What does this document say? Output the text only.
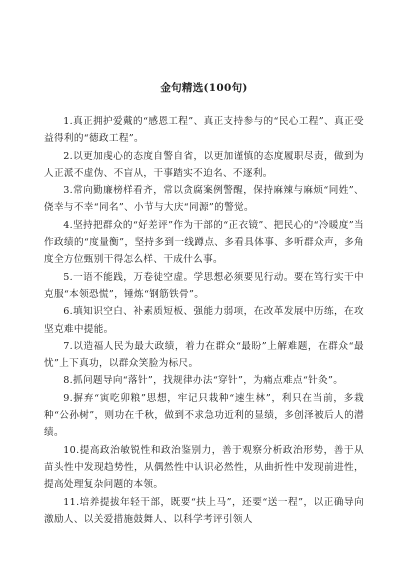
金句精选(100句)

1.真正拥护爱戴的“感恩工程”、真正支持参与的“民心工程”、真正受益得利的“德政工程”。

2.以更加虔心的态度自警自省，以更加谨慎的态度履职尽责，做到为人正派不虚伪、不盲从，干事踏实不迫名、不逐利。

3.常向勤廉榜样看齐，常以贪腐案例警醒，保持麻辣与麻烦“同姓”、侥幸与不幸“同名”、小节与大庆“同源”的警觉。

4.坚持把群众的“好差评”作为干部的“正衣镜”、把民心的“冷暖度”当作政绩的“度量衡”，坚持多到一线蹲点、多看具体事、多听群众声，多角度全方位甄别干得怎么样、干成什么事。

5.一语不能践，万卷徒空虚。学思想必须要见行动。要在笃行实干中克服“本领恐慌”，锤炼“钢筋铁骨”。

6.填知识空白、补素质短板、强能力弱项，在改革发展中历练，在攻坚克难中提能。

7.以造福人民为最大政绩，着力在群众“最盼”上解难题，在群众“最忧”上下真功，以群众笑脸为标尺。

8.抓问题导向“落针”，找规律办法“穿针”，为痛点难点“针灸”。

9.摒弃“寅吃卯粮”思想，牢记只栽种“速生林”，利只在当前，多栽种“公孙树”，则功在千秋，做到不求急功近利的显绩，多创泽被后人的潜绩。

10.提高政治敏锐性和政治鉴别力，善于观察分析政治形势，善于从苗头性中发现趋势性，从偶然性中认识必然性，从曲折性中发现前进性，提高处理复杂问题的本领。

11.培养提拔年轻干部，既要“扶上马”，还要“送一程”，以正确导向激励人、以关爱措施鼓舞人、以科学考评引领人
